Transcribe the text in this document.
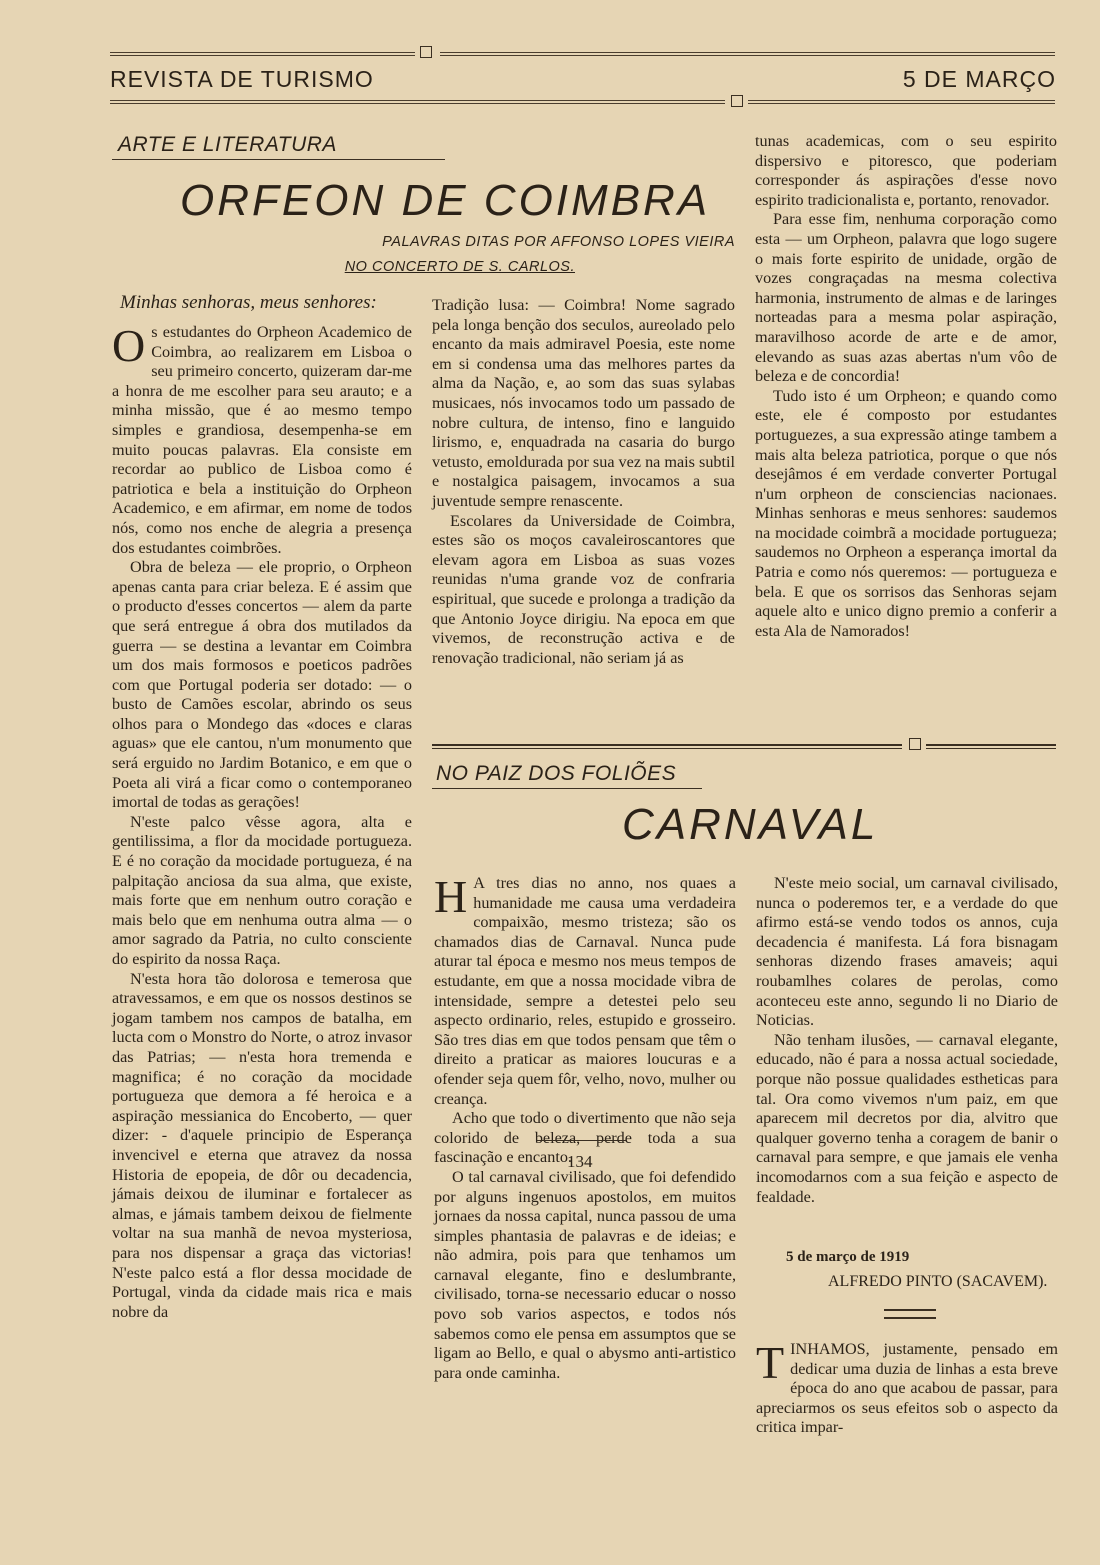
REVISTA DE TURISMO	5 DE MARÇO
ARTE E LITERATURA
ORFEON DE COIMBRA
PALAVRAS DITAS POR AFFONSO LOPES VIEIRA
NO CONCERTO DE S. CARLOS.
Minhas senhoras, meus senhores:

Os estudantes do Orpheon Academico de Coimbra, ao realizarem em Lisboa o seu primeiro concerto, quizeram dar-me a honra de me escolher para seu arauto; e a minha missão, que é ao mesmo tempo simples e grandiosa, desempenha-se em muito poucas palavras. Ela consiste em recordar ao publico de Lisboa como é patriotica e bela a instituição do Orpheon Academico, e em afirmar, em nome de todos nós, como nos enche de alegria a presença dos estudantes coimbrões.

Obra de beleza — ele proprio, o Orpheon apenas canta para criar beleza. E é assim que o producto d'esses concertos — alem da parte que será entregue á obra dos mutilados da guerra — se destina a levantar em Coimbra um dos mais formosos e poeticos padrões com que Portugal poderia ser dotado: — o busto de Camões escolar, abrindo os seus olhos para o Mondego das «doces e claras aguas» que ele cantou, n'um monumento que será erguido no Jardim Botanico, e em que o Poeta ali virá a ficar como o contemporaneo imortal de todas as gerações!

N'este palco vêsse agora, alta e gentilissima, a flor da mocidade portugueza. E é no coração da mocidade portugueza, é na palpitação anciosa da sua alma, que existe, mais forte que em nenhum outro coração e mais belo que em nenhuma outra alma — o amor sagrado da Patria, no culto consciente do espirito da nossa Raça.

N'esta hora tão dolorosa e temerosa que atravessamos, e em que os nossos destinos se jogam tambem nos campos de batalha, em lucta com o Monstro do Norte, o atroz invasor das Patrias; — n'esta hora tremenda e magnifica; é no coração da mocidade portugueza que demora a fé heroica e a aspiração messianica do Encoberto, — quer dizer: - d'aquele principio de Esperança invencivel e eterna que atravez da nossa Historia de epopeia, de dôr ou decadencia, jámais deixou de iluminar e fortalecer as almas, e jámais tambem deixou de fielmente voltar na sua manhã de nevoa mysteriosa, para nos dispensar a graça das victorias! N'este palco está a flor dessa mocidade de Portugal, vinda da cidade mais rica e mais nobre da

Tradição lusa: — Coimbra! Nome sagrado pela longa benção dos seculos, aureolado pelo encanto da mais admiravel Poesia, este nome em si condensa uma das melhores partes da alma da Nação, e, ao som das suas sylabas musicaes, nós invocamos todo um passado de nobre cultura, de intenso, fino e languido lirismo, e, enquadrada na casaria do burgo vetusto, emoldurada por sua vez na mais subtil e nostalgica paisagem, invocamos a sua juventude sempre renascente.

Escolares da Universidade de Coimbra, estes são os moços cavaleiroscantores que elevam agora em Lisboa as suas vozes reunidas n'uma grande voz de confraria espiritual, que sucede e prolonga a tradição da que Antonio Joyce dirigiu. Na epoca em que vivemos, de reconstrução activa e de renovação tradicional, não seriam já as

tunas academicas, com o seu espirito dispersivo e pitoresco, que poderiam corresponder ás aspirações d'esse novo espirito tradicionalista e, portanto, renovador.

Para esse fim, nenhuma corporação como esta — um Orpheon, palavra que logo sugere o mais forte espirito de unidade, orgão de vozes congraçadas na mesma colectiva harmonia, instrumento de almas e de laringes norteadas para a mesma polar aspiração, maravilhoso acorde de arte e de amor, elevando as suas azas abertas n'um vôo de beleza e de concordia!

Tudo isto é um Orpheon; e quando como este, ele é composto por estudantes portuguezes, a sua expressão atinge tambem a mais alta beleza patriotica, porque o que nós desejâmos é em verdade converter Portugal n'um orpheon de consciencias nacionaes. Minhas senhoras e meus senhores: saudemos na mocidade coimbrã a mocidade portugueza; saudemos no Orpheon a esperança imortal da Patria e como nós queremos: — portugueza e bela. E que os sorrisos das Senhoras sejam aquele alto e unico digno premio a conferir a esta Ala de Namorados!

NO PAIZ DOS FOLIÕES
CARNAVAL

H A tres dias no anno, nos quaes a humanidade me causa uma verdadeira compaixão, mesmo tristeza; são os chamados dias de Carnaval. Nunca pude aturar tal época e mesmo nos meus tempos de estudante, em que a nossa mocidade vibra de intensidade, sempre a detestei pelo seu aspecto ordinario, reles, estupido e grosseiro. São tres dias em que todos pensam que têm o direito a praticar as maiores loucuras e a ofender seja quem fôr, velho, novo, mulher ou creança.

Acho que todo o divertimento que não seja colorido de beleza, perde toda a sua fascinação e encanto.

O tal carnaval civilisado, que foi defendido por alguns ingenuos apostolos, em muitos jornaes da nossa capital, nunca passou de uma simples phantasia de palavras e de ideias; e não admira, pois para que tenhamos um carnaval elegante, fino e deslumbrante, civilisado, torna-se necessario educar o nosso povo sob varios aspectos, e todos nós sabemos como ele pensa em assumptos que se ligam ao Bello, e qual o abysmo anti-artistico para onde caminha.

N'este meio social, um carnaval civilisado, nunca o poderemos ter, e a verdade do que afirmo está-se vendo todos os annos, cuja decadencia é manifesta. Lá fora bisnagam senhoras dizendo frases amaveis; aqui roubamlhes colares de perolas, como aconteceu este anno, segundo li no Diario de Noticias.

Não tenham ilusões, — carnaval elegante, educado, não é para a nossa actual sociedade, porque não possue qualidades estheticas para tal. Ora como vivemos n'um paiz, em que aparecem mil decretos por dia, alvitro que qualquer governo tenha a coragem de banir o carnaval para sempre, e que jamais ele venha incomodarnos com a sua feição e aspecto de fealdade.

5 de março de 1919
ALFREDO PINTO (SACAVEM).

TINHAMOS, justamente, pensado em dedicar uma duzia de linhas a esta breve época do ano que acabou de passar, para apreciarmos os seus efeitos sob o aspecto da critica impar-

134
